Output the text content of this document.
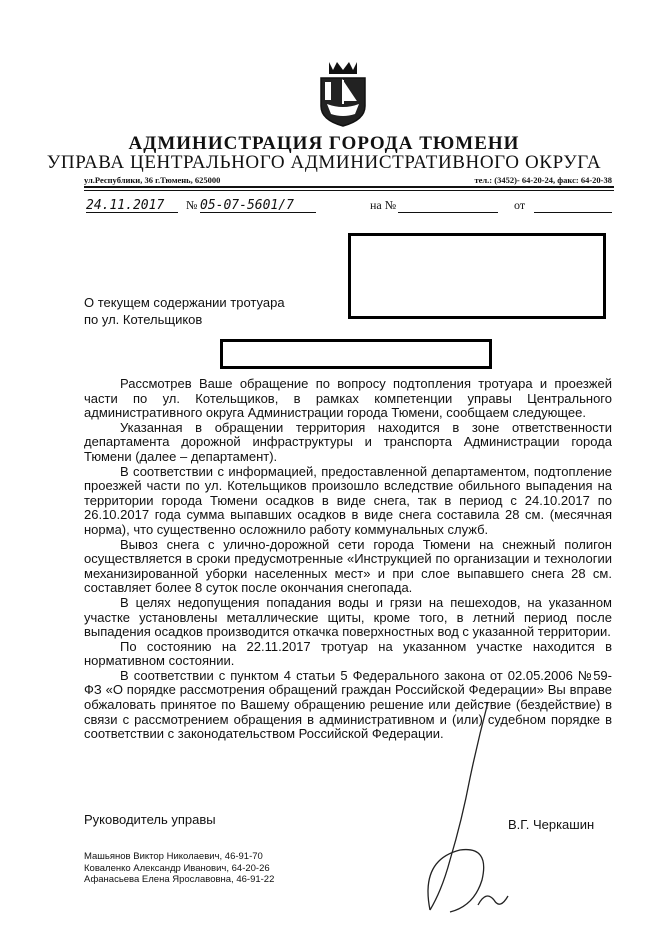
АДМИНИСТРАЦИЯ ГОРОДА ТЮМЕНИ
УПРАВА ЦЕНТРАЛЬНОГО АДМИНИСТРАТИВНОГО ОКРУГА
ул.Республики, 36 г.Тюмень, 625000	тел.: (3452)- 64-20-24, факс: 64-20-38
24.11.2017	№ 05-07-5601/7	на №	от
О текущем содержании тротуара
по ул. Котельщиков

Рассмотрев Ваше обращение по вопросу подтопления тротуара и проезжей части по ул. Котельщиков, в рамках компетенции управы Центрального административного округа Администрации города Тюмени, сообщаем следующее.

Указанная в обращении территория находится в зоне ответственности департамента дорожной инфраструктуры и транспорта Администрации города Тюмени (далее – департамент).

В соответствии с информацией, предоставленной департаментом, подтопление проезжей части по ул. Котельщиков произошло вследствие обильного выпадения на территории города Тюмени осадков в виде снега, так в период с 24.10.2017 по 26.10.2017 года сумма выпавших осадков в виде снега составила 28 см. (месячная норма), что существенно осложнило работу коммунальных служб.

Вывоз снега с улично-дорожной сети города Тюмени на снежный полигон осуществляется в сроки предусмотренные «Инструкцией по организации и технологии механизированной уборки населенных мест» и при слое выпавшего снега 28 см. составляет более 8 суток после окончания снегопада.

В целях недопущения попадания воды и грязи на пешеходов, на указанном участке установлены металлические щиты, кроме того, в летний период после выпадения осадков производится откачка поверхностных вод с указанной территории.

По состоянию на 22.11.2017 тротуар на указанном участке находится в нормативном состоянии.

В соответствии с пунктом 4 статьи 5 Федерального закона от 02.05.2006 №59-ФЗ «О порядке рассмотрения обращений граждан Российской Федерации» Вы вправе обжаловать принятое по Вашему обращению решение или действие (бездействие) в связи с рассмотрением обращения в административном и (или) судебном порядке в соответствии с законодательством Российской Федерации.

Руководитель управы	В.Г. Черкашин
Машьянов Виктор Николаевич, 46-91-70
Коваленко Александр Иванович, 64-20-26
Афанасьева Елена Ярославовна, 46-91-22
